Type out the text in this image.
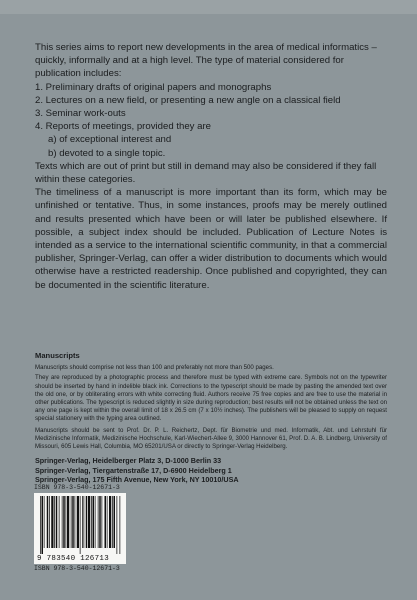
This series aims to report new developments in the area of medical informatics – quickly, informally and at a high level. The type of material considered for publication includes:

1. Preliminary drafts of original papers and monographs
2. Lectures on a new field, or presenting a new angle on a classical field
3. Seminar work-outs
4. Reports of meetings, provided they are
a) of exceptional interest and
b) devoted to a single topic.

Texts which are out of print but still in demand may also be considered if they fall within these categories.

The timeliness of a manuscript is more important than its form, which may be unfinished or tentative. Thus, in some instances, proofs may be merely outlined and results presented which have been or will later be published elsewhere. If possible, a subject index should be included. Publication of Lecture Notes is intended as a service to the international scientific community, in that a commercial publisher, Springer-Verlag, can offer a wider distribution to documents which would otherwise have a restricted readership. Once published and copyrighted, they can be documented in the scientific literature.

Manuscripts

Manuscripts should comprise not less than 100 and preferably not more than 500 pages.

They are reproduced by a photographic process and therefore must be typed with extreme care. Symbols not on the typewriter should be inserted by hand in indelible black ink. Corrections to the typescript should be made by pasting the amended text over the old one, or by obliterating errors with white correcting fluid. Authors receive 75 free copies and are free to use the material in other publications. The typescript is reduced slightly in size during reproduction; best results will not be obtained unless the text on any one page is kept within the overall limit of 18 x 26.5 cm (7 x 10½ inches). The publishers will be pleased to supply on request special stationery with the typing area outlined.

Manuscripts should be sent to Prof. Dr. P. L. Reichertz, Dept. für Biometrie und med. Informatik, Abt. und Lehrstuhl für Medizinische Informatik, Medizinische Hochschule, Karl-Wiechert-Allee 9, 3000 Hannover 61, Prof. D. A. B. Lindberg, University of Missouri, 605 Lewis Hall, Columbia, MO 65201/USA or directly to Springer-Verlag Heidelberg.

Springer-Verlag, Heidelberger Platz 3, D-1000 Berlin 33
Springer-Verlag, Tiergartenstraße 17, D-6900 Heidelberg 1
Springer-Verlag, 175 Fifth Avenue, New York, NY 10010/USA
ISBN 978-3-540-12671-3
9 783540 126713
ISBN 978-3-540-12671-3
